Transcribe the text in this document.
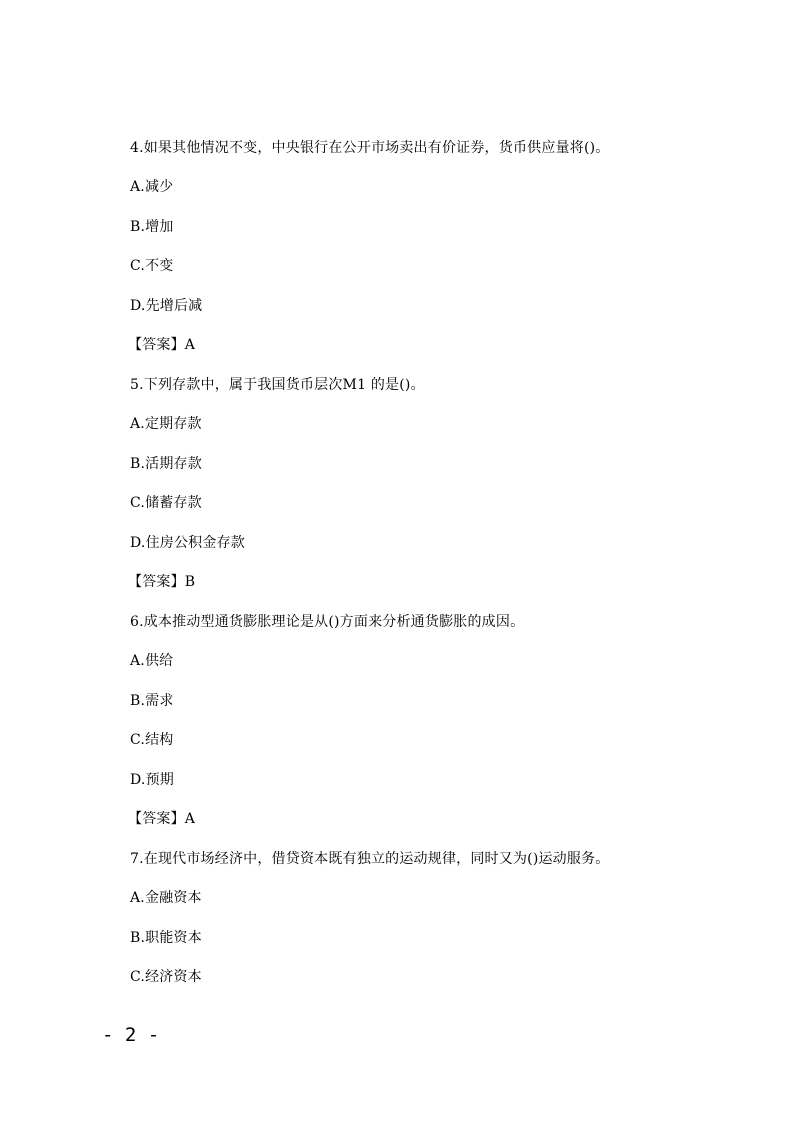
4.如果其他情况不变，中央银行在公开市场卖出有价证券，货币供应量将()。
A.减少
B.增加
C.不变
D.先增后减
【答案】A
5.下列存款中，属于我国货币层次M1 的是()。
A.定期存款
B.活期存款
C.储蓄存款
D.住房公积金存款
【答案】B
6.成本推动型通货膨胀理论是从()方面来分析通货膨胀的成因。
A.供给
B.需求
C.结构
D.预期
【答案】A
7.在现代市场经济中，借贷资本既有独立的运动规律，同时又为()运动服务。
A.金融资本
B.职能资本
C.经济资本
- 2 -
